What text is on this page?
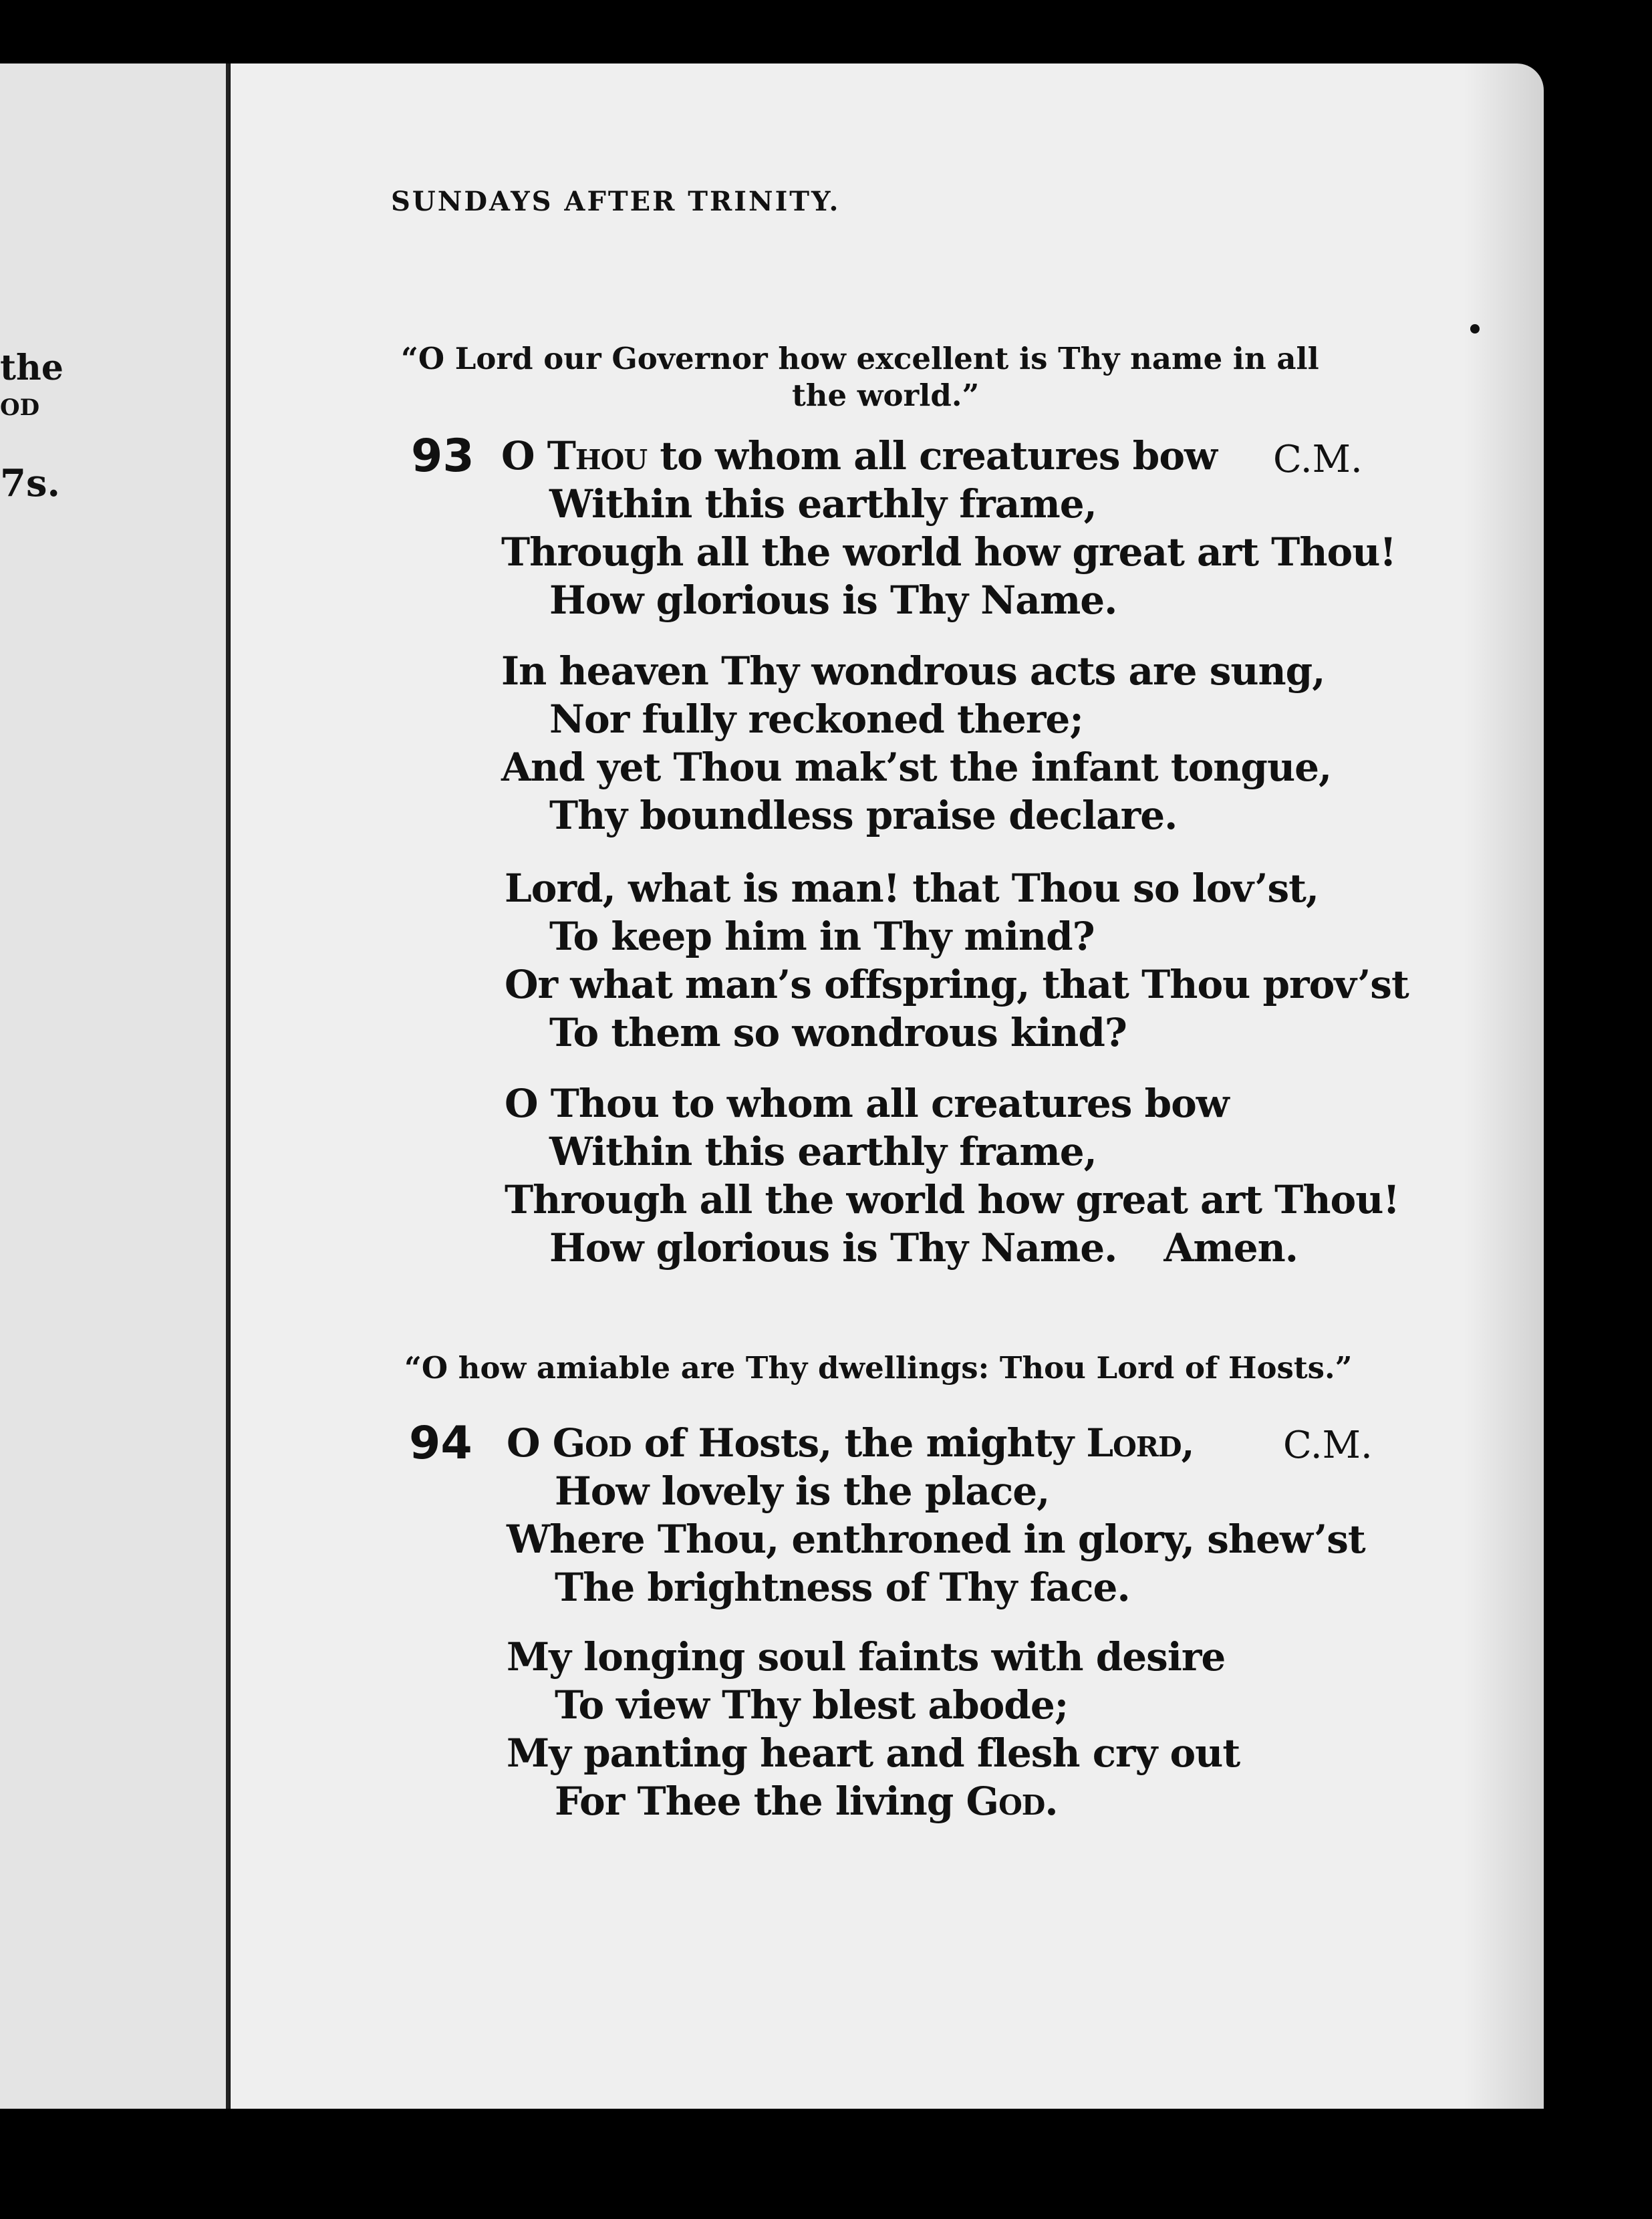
the
OD
7s.
SUNDAYS AFTER TRINITY.
“O Lord our Governor how excellent is Thy name in all
the world.”
93	C.M.
O Thou to whom all creatures bow
Within this earthly frame,
Through all the world how great art Thou!
How glorious is Thy Name.
In heaven Thy wondrous acts are sung,
Nor fully reckoned there;
And yet Thou mak’st the infant tongue,
Thy boundless praise declare.
Lord, what is man! that Thou so lov’st,
To keep him in Thy mind?
Or what man’s offspring, that Thou prov’st
To them so wondrous kind?
O Thou to whom all creatures bow
Within this earthly frame,
Through all the world how great art Thou!
How glorious is Thy Name. Amen.
“O how amiable are Thy dwellings: Thou Lord of Hosts.”
94	C.M.
O God of Hosts, the mighty Lord,
How lovely is the place,
Where Thou, enthroned in glory, shew’st
The brightness of Thy face.
My longing soul faints with desire
To view Thy blest abode;
My panting heart and flesh cry out
For Thee the living God.
